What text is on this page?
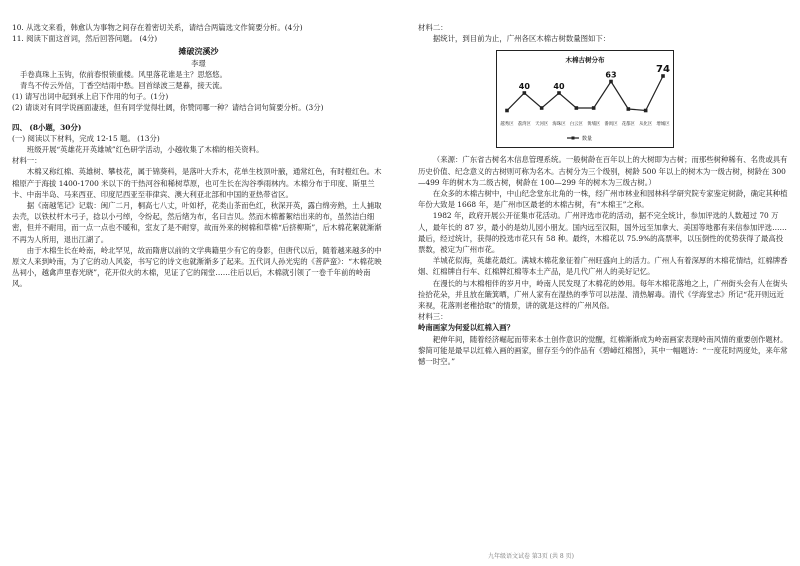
10. 从选文来看，韩愈认为事物之间存在着密切关系，请结合两篇选文作简要分析。(4分)

11. 阅读下面这首词，然后回答问题。 (4分)

摊破浣溪沙

李璟

手卷真珠上玉钩，依前春恨锁重楼。风里落花谁是主？思悠悠。

青鸟不传云外信，丁香空结雨中愁。回首绿波三楚暮，接天流。

(1) 请写出词中起到承上启下作用的句子。(1分)

(2) 请谈对有同学说画面凄迷，但有同学觉得壮阔，你赞同哪一种？请结合词句简要分析。(3分)

四、 (8小题，30分)

(一) 阅读以下材料，完成 12-15 题。 (13分)

班级开展“英雄花开英雄城”红色研学活动，小越收集了木棉的相关资料。

材料一：

木棉又称红棉、英雄树、攀枝花，属于锦葵科，是落叶大乔木，花单生枝顶叶腋，通常红色，有时橙红色。木棉原产于海拔 1400-1700 米以下的干热河谷和稀树草原，也可生长在沟谷季雨林内。木棉分布于印度、斯里兰卡、中南半岛、马来西亚、印度尼西亚至菲律宾、澳大利亚北部和中国的亚热带省区。

据《南越笔记》记载：闽广二月，桐高七八丈，叶如杼，花类山茶而色红，秋深开英，露白绵旁熟，土人捕取去壳，以铁杖杆木弓子，捻以小弓绰，令纷起，然后绪为布，名曰吉贝。然而木棉蓄絮结出来的布，虽然洁白细密，但并不耐用，而一点一点也不暖和，室友了是不耐穿，故而外来的树棉和草棉“后挤柳斯”，后木棉花絮就渐渐不再为人所用，退出江湖了。

由于木棉生长在岭南，岭北罕见，故而隋唐以前的文学典籍里少有它的身影，但唐代以后，随着越来越多的中原文人来到岭南，为了它的动人风姿，书写它的诗文也就渐渐多了起来。五代词人孙光宪的《菩萨蛮》：“木棉花映丛祠小，越禽声里春光晓”，花开似火的木棉，见证了它的闹堂……往后以后，木棉就引领了一卷千年前的岭南风。

材料二：

据统计，到目前为止，广州各区木棉古树数量图如下：

木棉古树分布
40	40
63	74
越秀区 荔湾区 天河区 海珠区 白云区 黄埔区 番禺区 花都区 从化区 增城区
数量

（来源：广东省古树名木信息管理系统。一般树龄在百年以上的大树即为古树；而那些树种稀有、名贵或具有历史价值、纪念意义的古树则可称为名木。古树分为三个级别，树龄 500 年以上的树木为一级古树，树龄在 300—499 年的树木为二级古树，树龄在 100—299 年的树木为三级古树。）

在众多的木棉古树中，中山纪念堂东北角的一株，经广州市林业和园林科学研究院专家鉴定树龄，确定其种植年份大致是 1668 年，是广州市区最老的木棉古树，有“木棉王”之称。

1982 年，政府开展公开征集市花活动。广州评选市花的活动，据不完全统计，参加评选的人数超过 70 万人，最年长的 87 岁，最小的是幼儿园小朋友。国内远至汉阳，国外远至加拿大、美国等地都有来信参加评选……最后，经过统计，获得的投选市花只有 58 种。最终，木棉花以 75.9%的高票率，以压倒性的优势获得了最高投票数，被定为广州市花。

羊城花似海，英雄花最红。满城木棉花象征着广州旺盛向上的活力。广州人有着深厚的木棉花情结，红棉牌香烟、红棉牌自行车、红棉牌红棉等本土产品，是几代广州人的美好记忆。

在漫长的与木棉相伴的岁月中，岭南人民发现了木棉花的妙用。每年木棉花落地之上，广州街头会有人在街头捡拾花朵，并且放在簸箕晒，广州人家有在湿热的季节可以祛湿、清热解毒。清代《学海堂志》所记“花开则远近来视，花落则老稚拾取”的情景，讲的就是这样的广州风俗。

材料三：

岭南画家为何爱以红棉入画？

耙伸年间，随着经济崛起而带来本土创作意识的觉醒，红棉渐渐成为岭南画家表现岭南风情的重要创作题材。黎简可能是最早以红棉入画的画家，留存至今的作品有《碧嶂红棉图》，其中一幅题诗：“一度花时两度处，来年常憾一时空。”

九年级语文试卷 第3页 (共 8 页)
